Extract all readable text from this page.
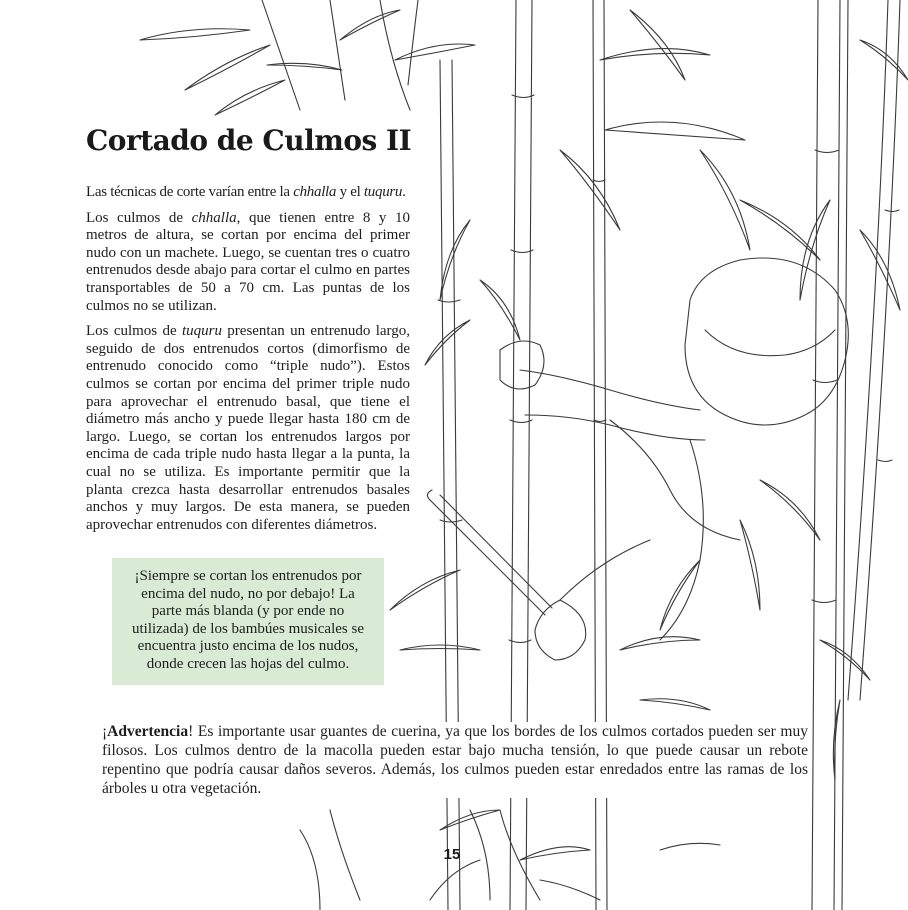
Cortado de Culmos II

Las técnicas de corte varían entre la chhalla y el tuquru.

Los culmos de chhalla, que tienen entre 8 y 10 metros de altura, se cortan por encima del primer nudo con un machete. Luego, se cuentan tres o cuatro entrenudos desde abajo para cortar el culmo en partes transportables de 50 a 70 cm. Las puntas de los culmos no se utilizan.

Los culmos de tuquru presentan un entrenudo largo, seguido de dos entrenudos cortos (dimorfismo de entrenudo conocido como “triple nudo”). Estos culmos se cortan por encima del primer triple nudo para aprovechar el entrenudo basal, que tiene el diámetro más ancho y puede llegar hasta 180 cm de largo. Luego, se cortan los entrenudos largos por encima de cada triple nudo hasta llegar a la punta, la cual no se utiliza. Es importante permitir que la planta crezca hasta desarrollar entrenudos basales anchos y muy largos. De esta manera, se pueden aprovechar entrenudos con diferentes diámetros.

¡Siempre se cortan los entrenudos por encima del nudo, no por debajo! La parte más blanda (y por ende no utilizada) de los bambúes musicales se encuentra justo encima de los nudos, donde crecen las hojas del culmo.

¡Advertencia! Es importante usar guantes de cuerina, ya que los bordes de los culmos cortados pueden ser muy filosos. Los culmos dentro de la macolla pueden estar bajo mucha tensión, lo que puede causar un rebote repentino que podría causar daños severos. Además, los culmos pueden estar enredados entre las ramas de los árboles u otra vegetación.

15
